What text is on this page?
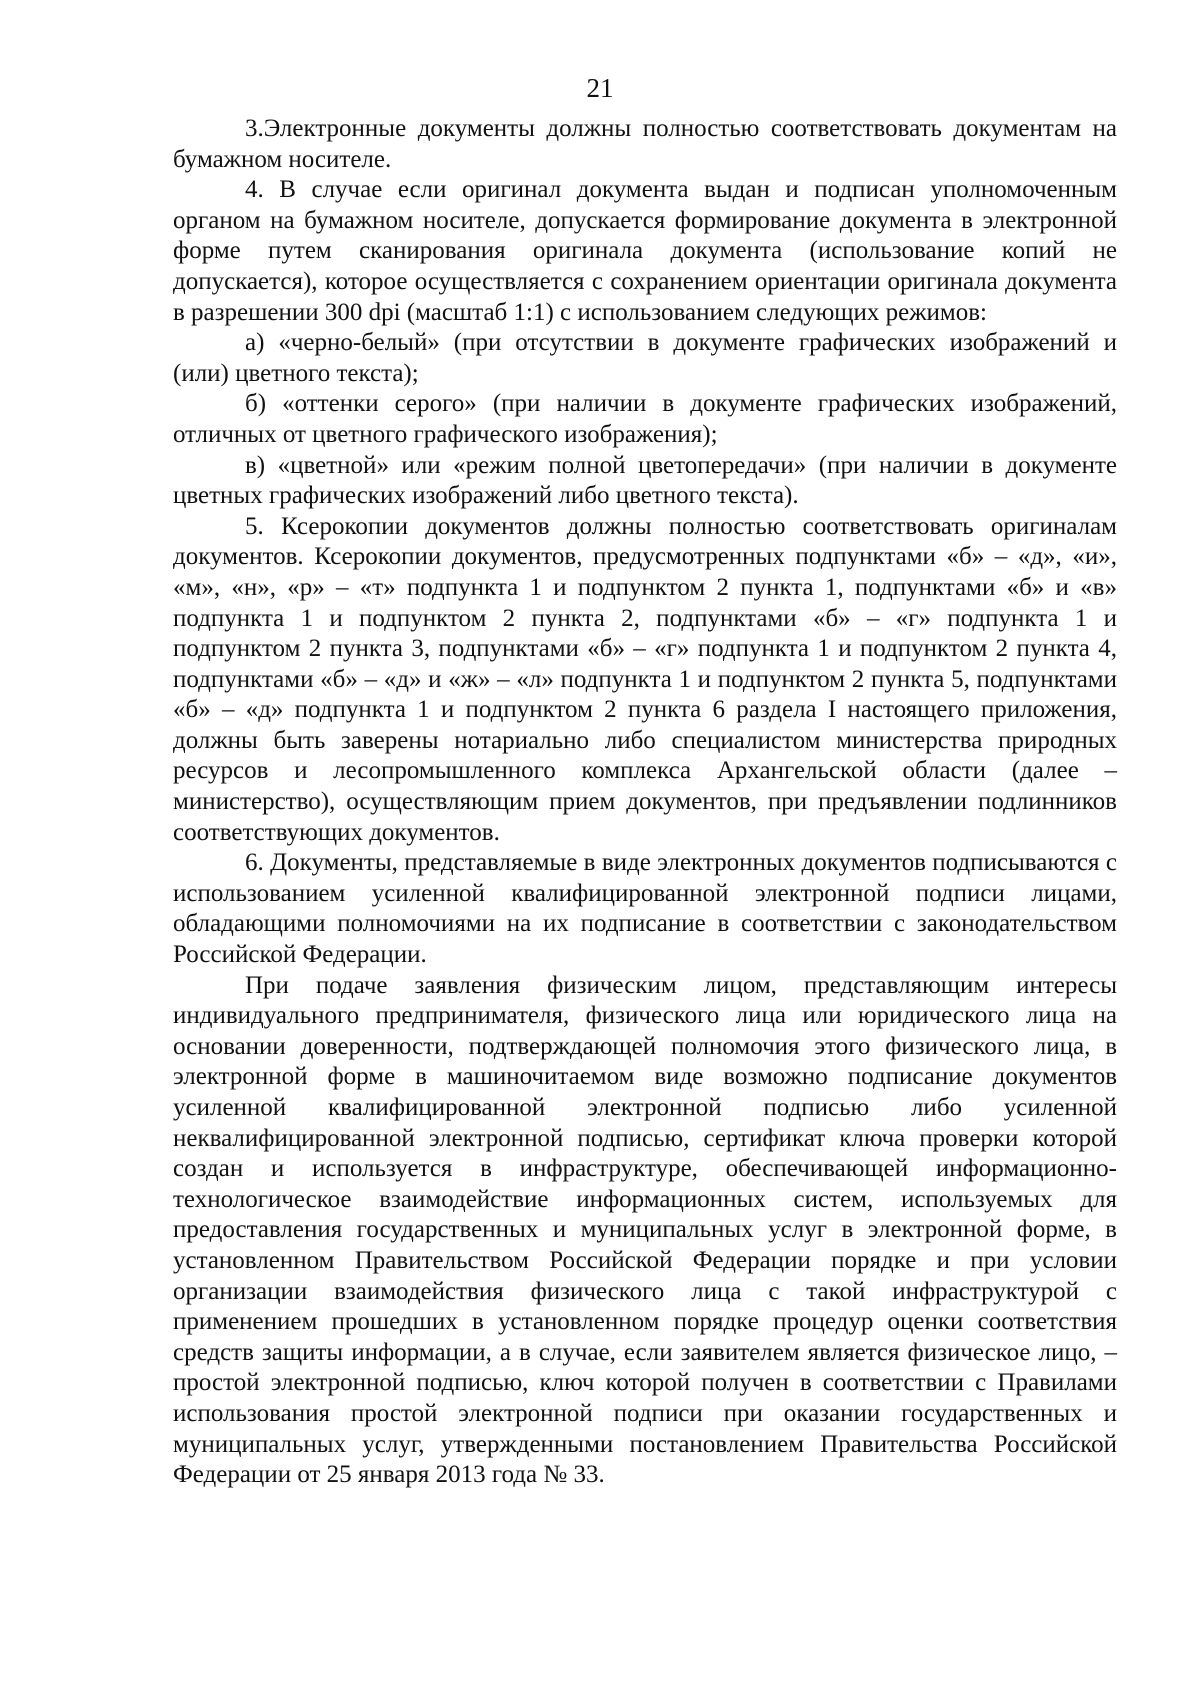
21

3.Электронные документы должны полностью соответствовать документам на бумажном носителе.

4. В случае если оригинал документа выдан и подписан уполномоченным органом на бумажном носителе, допускается формирование документа в электронной форме путем сканирования оригинала документа (использование копий не допускается), которое осуществляется с сохранением ориентации оригинала документа в разрешении 300 dpi (масштаб 1:1) с использованием следующих режимов:

а) «черно-белый» (при отсутствии в документе графических изображений и (или) цветного текста);

б) «оттенки серого» (при наличии в документе графических изображений, отличных от цветного графического изображения);

в) «цветной» или «режим полной цветопередачи» (при наличии в документе цветных графических изображений либо цветного текста).

5. Ксерокопии документов должны полностью соответствовать оригиналам документов. Ксерокопии документов, предусмотренных подпунктами «б» – «д», «и», «м», «н», «р» – «т» подпункта 1 и подпунктом 2 пункта 1, подпунктами «б» и «в» подпункта 1 и подпунктом 2 пункта 2, подпунктами «б» – «г» подпункта 1 и подпунктом 2 пункта 3, подпунктами «б» – «г» подпункта 1 и подпунктом 2 пункта 4, подпунктами «б» – «д» и «ж» – «л» подпункта 1 и подпунктом 2 пункта 5, подпунктами «б» – «д» подпункта 1 и подпунктом 2 пункта 6 раздела I настоящего приложения, должны быть заверены нотариально либо специалистом министерства природных ресурсов и лесопромышленного комплекса Архангельской области (далее – министерство), осуществляющим прием документов, при предъявлении подлинников соответствующих документов.

6. Документы, представляемые в виде электронных документов подписываются с использованием усиленной квалифицированной электронной подписи лицами, обладающими полномочиями на их подписание в соответствии с законодательством Российской Федерации.

При подаче заявления физическим лицом, представляющим интересы индивидуального предпринимателя, физического лица или юридического лица на основании доверенности, подтверждающей полномочия этого физического лица, в электронной форме в машиночитаемом виде возможно подписание документов усиленной квалифицированной электронной подписью либо усиленной неквалифицированной электронной подписью, сертификат ключа проверки которой создан и используется в инфраструктуре, обеспечивающей информационно-технологическое взаимодействие информационных систем, используемых для предоставления государственных и муниципальных услуг в электронной форме, в установленном Правительством Российской Федерации порядке и при условии организации взаимодействия физического лица с такой инфраструктурой с применением прошедших в установленном порядке процедур оценки соответствия средств защиты информации, а в случае, если заявителем является физическое лицо, – простой электронной подписью, ключ которой получен в соответствии с Правилами использования простой электронной подписи при оказании государственных и муниципальных услуг, утвержденными постановлением Правительства Российской Федерации от 25 января 2013 года № 33.
